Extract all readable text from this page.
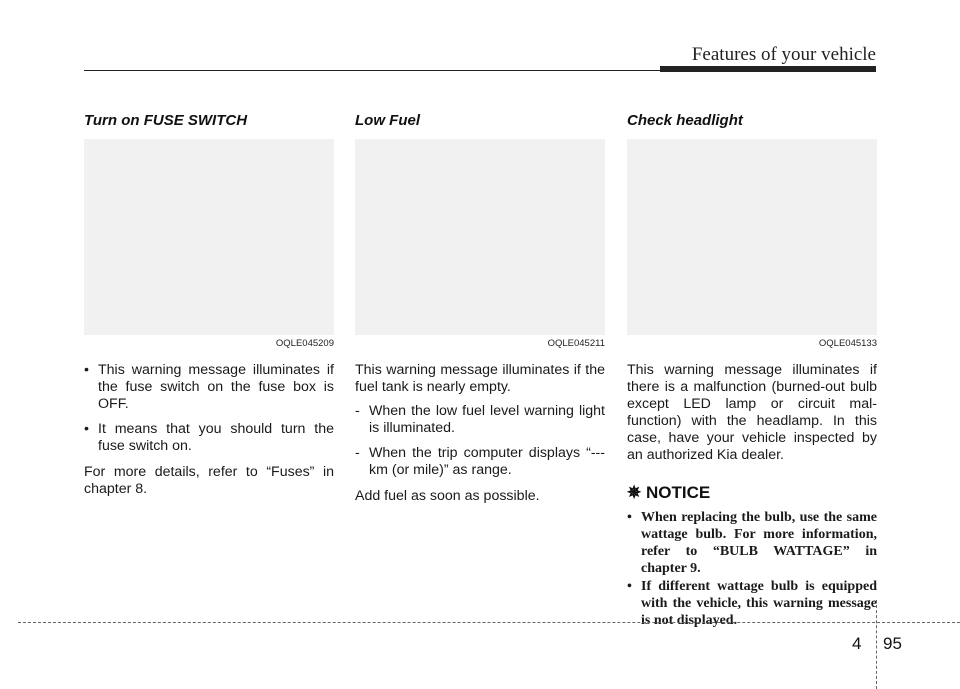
Features of your vehicle
Turn on FUSE SWITCH
OQLE045209
• This warning message illuminates if the fuse switch on the fuse box is OFF.
• It means that you should turn the fuse switch on.

For more details, refer to “Fuses” in chapter 8.

Low Fuel
OQLE045211

This warning message illuminates if the fuel tank is nearly empty.

- When the low fuel level warning light is illuminated.
- When the trip computer displays “--- km (or mile)” as range.

Add fuel as soon as possible.

Check headlight
OQLE045133

This warning message illuminates if there is a malfunction (burned-out bulb except LED lamp or circuit mal-function) with the headlamp. In this case, have your vehicle inspected by an authorized Kia dealer.

✵ NOTICE
• When replacing the bulb, use the same wattage bulb. For more information, refer to “BULB WATTAGE” in chapter 9.
• If different wattage bulb is equipped with the vehicle, this warning message is not displayed.
4 95
